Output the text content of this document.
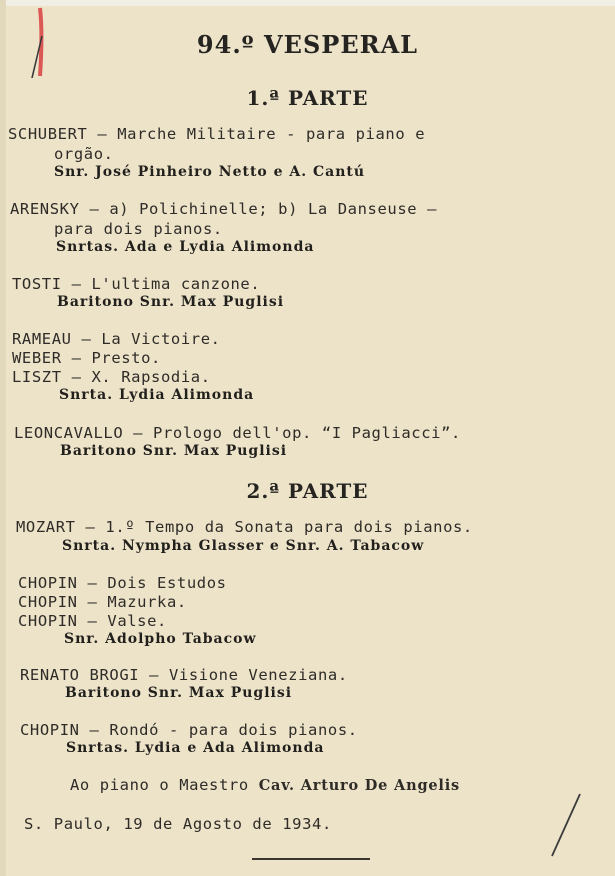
94.º VESPERAL
1.ª PARTE
SCHUBERT — Marche Militaire - para piano e
orgão.
Snr. José Pinheiro Netto e A. Cantú
ARENSKY — a) Polichinelle; b) La Danseuse —
para dois pianos.
Snrtas. Ada e Lydia Alimonda
TOSTI — L'ultima canzone.
Baritono Snr. Max Puglisi
RAMEAU — La Victoire.
WEBER — Presto.
LISZT — X. Rapsodia.
Snrta. Lydia Alimonda
LEONCAVALLO — Prologo dell'op. “I Pagliacci”.
Baritono Snr. Max Puglisi
2.ª PARTE
MOZART — 1.º Tempo da Sonata para dois pianos.
Snrta. Nympha Glasser e Snr. A. Tabacow
CHOPIN — Dois Estudos
CHOPIN — Mazurka.
CHOPIN — Valse.
Snr. Adolpho Tabacow
RENATO BROGI — Visione Veneziana.
Baritono Snr. Max Puglisi
CHOPIN — Rondó - para dois pianos.
Snrtas. Lydia e Ada Alimonda
Ao piano o Maestro Cav. Arturo De Angelis
S. Paulo, 19 de Agosto de 1934.
